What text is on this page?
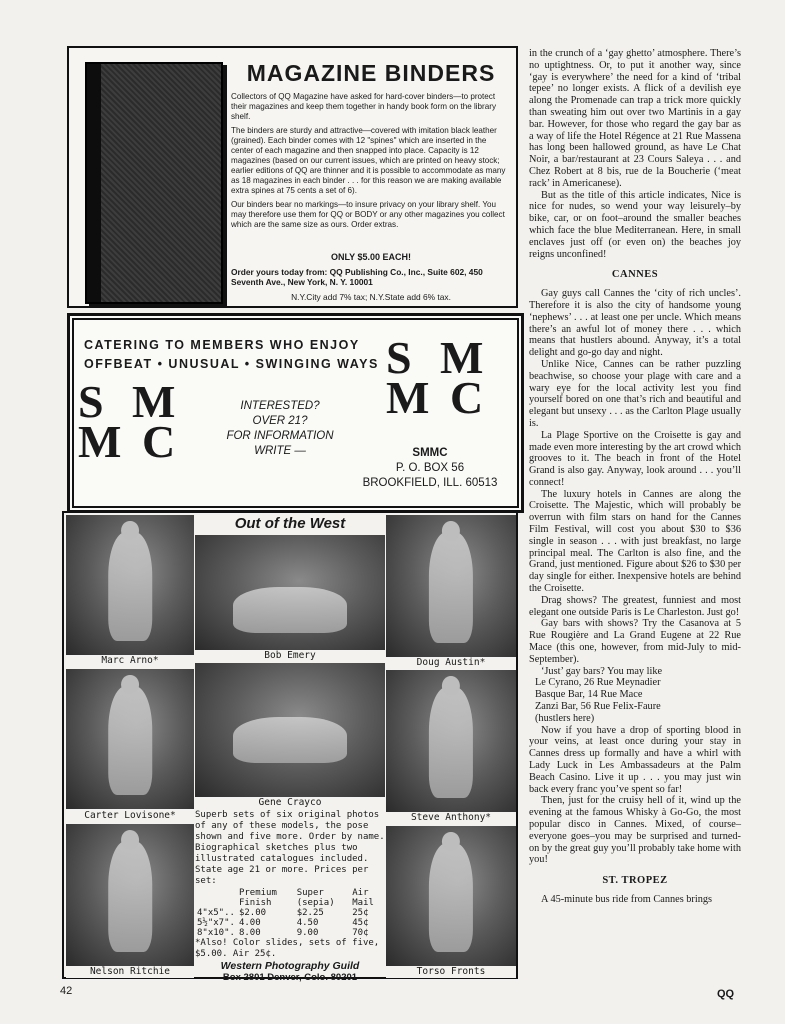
MAGAZINE BINDERS

Collectors of QQ Magazine have asked for hard-cover binders—to protect their magazines and keep them together in handy book form on the library shelf.

The binders are sturdy and attractive—covered with imitation black leather (grained). Each binder comes with 12 "spines" which are inserted in the center of each magazine and then snapped into place. Capacity is 12 magazines (based on our current issues, which are printed on heavy stock; earlier editions of QQ are thinner and it is possible to accommodate as many as 18 magazines in each binder . . . for this reason we are making available extra spines at 75 cents a set of 6).

Our binders bear no markings—to insure privacy on your library shelf. You may therefore use them for QQ or BODY or any other magazines you collect which are the same size as ours. Order extras.

ONLY $5.00 EACH!
Order yours today from: QQ Publishing Co., Inc., Suite 602, 450 Seventh Ave., New York, N. Y. 10001
N.Y.City add 7% tax; N.Y.State add 6% tax.
CATERING TO MEMBERS WHO ENJOY
OFFBEAT • UNUSUAL • SWINGING WAYS
S M
M C
INTERESTED?
OVER 21?
FOR INFORMATION
WRITE —
S M
M C
SMMC
P. O. BOX 56
BROOKFIELD, ILL. 60513
Marc Arno*
Carter Lovisone*
Nelson Ritchie
Out of the West
Bob Emery
Gene Crayco
Superb sets of six original photos of any of these models, the pose shown and five more. Order by name. Biographical sketches plus two illustrated catalogues included. State age 21 or more. Prices per set:
	Premium Finish	Super (sepia)	Air Mail
4"x5"..	$2.00	$2.25	25¢
5½"x7".	4.00	4.50	45¢
8"x10".	8.00	9.00	70¢
*Also! Color slides, sets of five, $5.00. Air 25¢.
Western Photography Guild
Box 2801 Denver, Colo. 80201
Doug Austin*
Steve Anthony*
Torso Fronts

in the crunch of a ‘gay ghetto’ atmosphere. There’s no uptightness. Or, to put it another way, since ‘gay is everywhere’ the need for a kind of ‘tribal tepee’ no longer exists. A flick of a devilish eye along the Promenade can trap a trick more quickly than sweating him out over two Martinis in a gay bar. However, for those who regard the gay bar as a way of life the Hotel Régence at 21 Rue Massena has long been hallowed ground, as have Le Chat Noir, a bar/restaurant at 23 Cours Saleya . . . and Chez Robert at 8 bis, rue de la Boucherie (‘meat rack’ in Americanese).

But as the title of this article indicates, Nice is nice for nudes, so wend your way leisurely–by bike, car, or on foot–around the smaller beaches which face the blue Mediterranean. Here, in small enclaves just off (or even on) the beaches joy reigns unconfined!

CANNES

Gay guys call Cannes the ‘city of rich uncles’. Therefore it is also the city of handsome young ‘nephews’ . . . at least one per uncle. Which means there’s an awful lot of money there . . . which means that hustlers abound. Anyway, it’s a total delight and go-go day and night.

Unlike Nice, Cannes can be rather puzzling beachwise, so choose your plage with care and a wary eye for the local activity lest you find yourself bored on one that’s rich and beautiful and elegant but unsexy . . . as the Carlton Plage usually is.

La Plage Sportive on the Croisette is gay and made even more interesting by the art crowd which grooves to it. The beach in front of the Hotel Grand is also gay. Anyway, look around . . . you’ll connect!

The luxury hotels in Cannes are along the Croisette. The Majestic, which will probably be overrun with film stars on hand for the Cannes Film Festival, will cost you about $30 to $36 single in season . . . with just breakfast, no large principal meal. The Carlton is also fine, and the Grand, just mentioned. Figure about $26 to $30 per day single for either. Inexpensive hotels are behind the Croisette.

Drag shows? The greatest, funniest and most elegant one outside Paris is Le Charleston. Just go!

Gay bars with shows? Try the Casanova at 5 Rue Rougière and La Grand Eugene at 22 Rue Mace (this one, however, from mid-July to mid-September).

‘Just’ gay bars? You may like

Le Cyrano, 26 Rue Meynadier

Basque Bar, 14 Rue Mace

Zanzi Bar, 56 Rue Felix-Faure

(hustlers here)

Now if you have a drop of sporting blood in your veins, at least once during your stay in Cannes dress up formally and have a whirl with Lady Luck in Les Ambassadeurs at the Palm Beach Casino. Live it up . . . you may just win back every franc you’ve spent so far!

Then, just for the cruisy hell of it, wind up the evening at the famous Whisky à Go-Go, the most popular disco in Cannes. Mixed, of course–everyone goes–you may be surprised and turned-on by the great guy you’ll probably take home with you!

ST. TROPEZ

A 45-minute bus ride from Cannes brings

42	QQ
